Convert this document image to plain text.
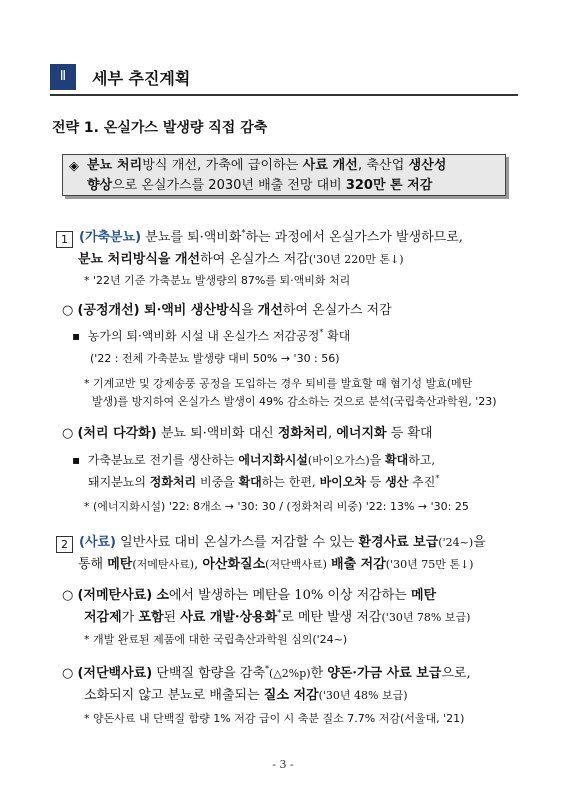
Ⅱ	세부 추진계획
전략 1. 온실가스 발생량 직접 감축
◈ 분뇨 처리방식 개선, 가축에 급이하는 사료 개선, 축산업 생산성
향상으로 온실가스를 2030년 배출 전망 대비 320만 톤 저감
1 (가축분뇨) 분뇨를 퇴·액비화*하는 과정에서 온실가스가 발생하므로,
분뇨 처리방식을 개선하여 온실가스 저감('30년 220만 톤↓)
* '22년 기준 가축분뇨 발생량의 87%를 퇴·액비화 처리
○ (공정개선) 퇴·액비 생산방식을 개선하여 온실가스 저감
▪ 농가의 퇴·액비화 시설 내 온실가스 저감공정* 확대
('22 : 전체 가축분뇨 발생량 대비 50% → '30 : 56)
* 기계교반 및 강제송풍 공정을 도입하는 경우 퇴비를 발효할 때 혐기성 발효(메탄
발생)를 방지하여 온실가스 발생이 49% 감소하는 것으로 분석(국립축산과학원, '23)
○ (처리 다각화) 분뇨 퇴·액비화 대신 정화처리, 에너지화 등 확대
▪ 가축분뇨로 전기를 생산하는 에너지화시설(바이오가스)을 확대하고,
돼지분뇨의 정화처리 비중을 확대하는 한편, 바이오차 등 생산 추진*
* (에너지화시설) '22: 8개소 → '30: 30 / (정화처리 비중) '22: 13% → '30: 25
2 (사료) 일반사료 대비 온실가스를 저감할 수 있는 환경사료 보급('24~)을
통해 메탄(저메탄사료), 아산화질소(저단백사료) 배출 저감('30년 75만 톤↓)
○ (저메탄사료) 소에서 발생하는 메탄을 10% 이상 저감하는 메탄
저감제가 포함된 사료 개발·상용화*로 메탄 발생 저감('30년 78% 보급)
* 개발 완료된 제품에 대한 국립축산과학원 심의('24~)
○ (저단백사료) 단백질 함량을 감축*(△2%p)한 양돈·가금 사료 보급으로,
소화되지 않고 분뇨로 배출되는 질소 저감('30년 48% 보급)
* 양돈사료 내 단백질 함량 1% 저감 급이 시 축분 질소 7.7% 저감(서울대, '21)
- 3 -
